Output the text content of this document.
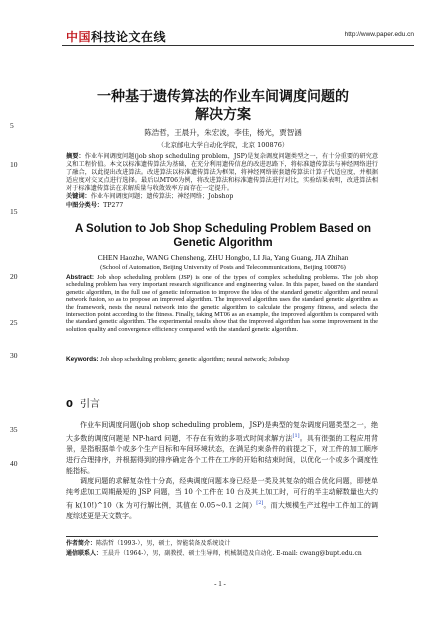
中国科技论文在线	http://www.paper.edu.cn
5
10
15
20
25
30
35
40
一种基于遗传算法的作业车间调度问题的
解决方案
陈浩哲，王晨升，朱宏波，李佳，杨光，贾智涵
（北京邮电大学自动化学院，北京 100876）
摘要：作业车间调度问题(job shop scheduling problem，JSP)是复杂调度问题类型之一，有十分重要的研究意义和工程价值。本文以标准遗传算法为基础，在充分利用遗传信息的改进思路下，将标准遗传算法与神经网络进行了融合，以此提出改进算法。改进算法以标准遗传算法为框架，将神经网络嵌套遗传算法计算子代适应度，并根据适应度对交叉点进行选择。最后以MT06为例，将改进算法和标准遗传算法进行对比，实验结果表明，改进算法相对于标准遗传算法在求解质量与收敛效率方面存在一定提升。
关键词：作业车间调度问题；遗传算法；神经网络；Jobshop
中图分类号：TP277
A Solution to Job Shop Scheduling Problem Based on
Genetic Algorithm
CHEN Haozhe, WANG Chensheng, ZHU Hongbo, LI Jia, Yang Guang, JIA Zhihan
(School of Automation, Beijing University of Posts and Telecommunications, Beijing 100876)
Abstract: Job shop scheduling problem (JSP) is one of the types of complex scheduling problems. The job shop scheduling problem has very important research significance and engineering value. In this paper, based on the standard genetic algorithm, in the full use of genetic information to improve the idea of the standard genetic algorithm and neural network fusion, so as to propose an improved algorithm. The improved algorithm uses the standard genetic algorithm as the framework, nests the neural network into the genetic algorithm to calculate the progeny fitness, and selects the intersection point according to the fitness. Finally, taking MT06 as an example, the improved algorithm is compared with the standard genetic algorithm. The experimental results show that the improved algorithm has some improvement in the solution quality and convergence efficiency compared with the standard genetic algorithm.
Keywords: Job shop scheduling problem; genetic algorithm; neural network; Jobshop
0 引言
作业车间调度问题(job shop scheduling problem，JSP)是典型的复杂调度问题类型之一，绝大多数的调度问题是 NP-hard 问题，不存在有效的多项式时间求解方法[1]。具有很强的工程应用背景，是指根据单个或多个生产目标和车间环境状态，在满足约束条件的前提之下，对工件的加工顺序进行合理排序，并根据得到的排序确定各个工件在工序的开始和结束时间，以优化一个或多个调度性能指标。
调度问题的求解复杂性十分高，经典调度问题本身已经是一类及其复杂的组合优化问题，即使单纯考虑加工周期最短的 JSP 问题，当 10 个工件在 10 台及其上加工时，可行的半主动解数量也大约有 k(10!)^10（k 为可行解比例，其值在 0.05~0.1 之间）[2]。而大规模生产过程中工件加工的调度综述更是天文数字。
作者简介：陈浩哲（1993-），男，硕士，智能装备及系统设计
通信联系人：王晨升（1964-），男，副教授、硕士生导师，机械制造及自动化. E-mail: cwang@bupt.edu.cn
- 1 -
